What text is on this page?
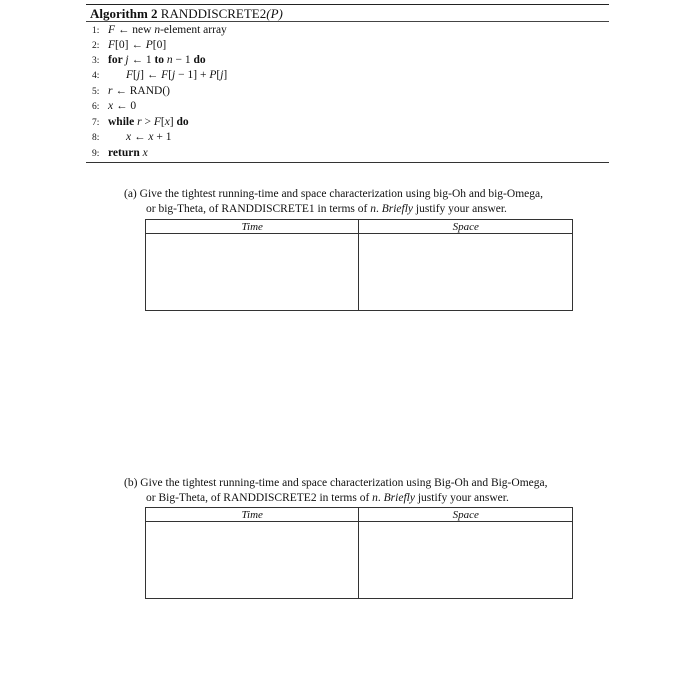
Algorithm 2 RANDDISCRETE2(P)
1: F ← new n-element array
2: F[0] ← P[0]
3: for j ← 1 to n − 1 do
4: F[j] ← F[j − 1] + P[j]
5: r ← RAND()
6: x ← 0
7: while r > F[x] do
8: x ← x + 1
9: return x
(a) Give the tightest running-time and space characterization using big-Oh and big-Omega,
or big-Theta, of RANDDISCRETE1 in terms of n. Briefly justify your answer.
Time	Space

(b) Give the tightest running-time and space characterization using Big-Oh and Big-Omega,
or Big-Theta, of RANDDISCRETE2 in terms of n. Briefly justify your answer.
Time	Space
